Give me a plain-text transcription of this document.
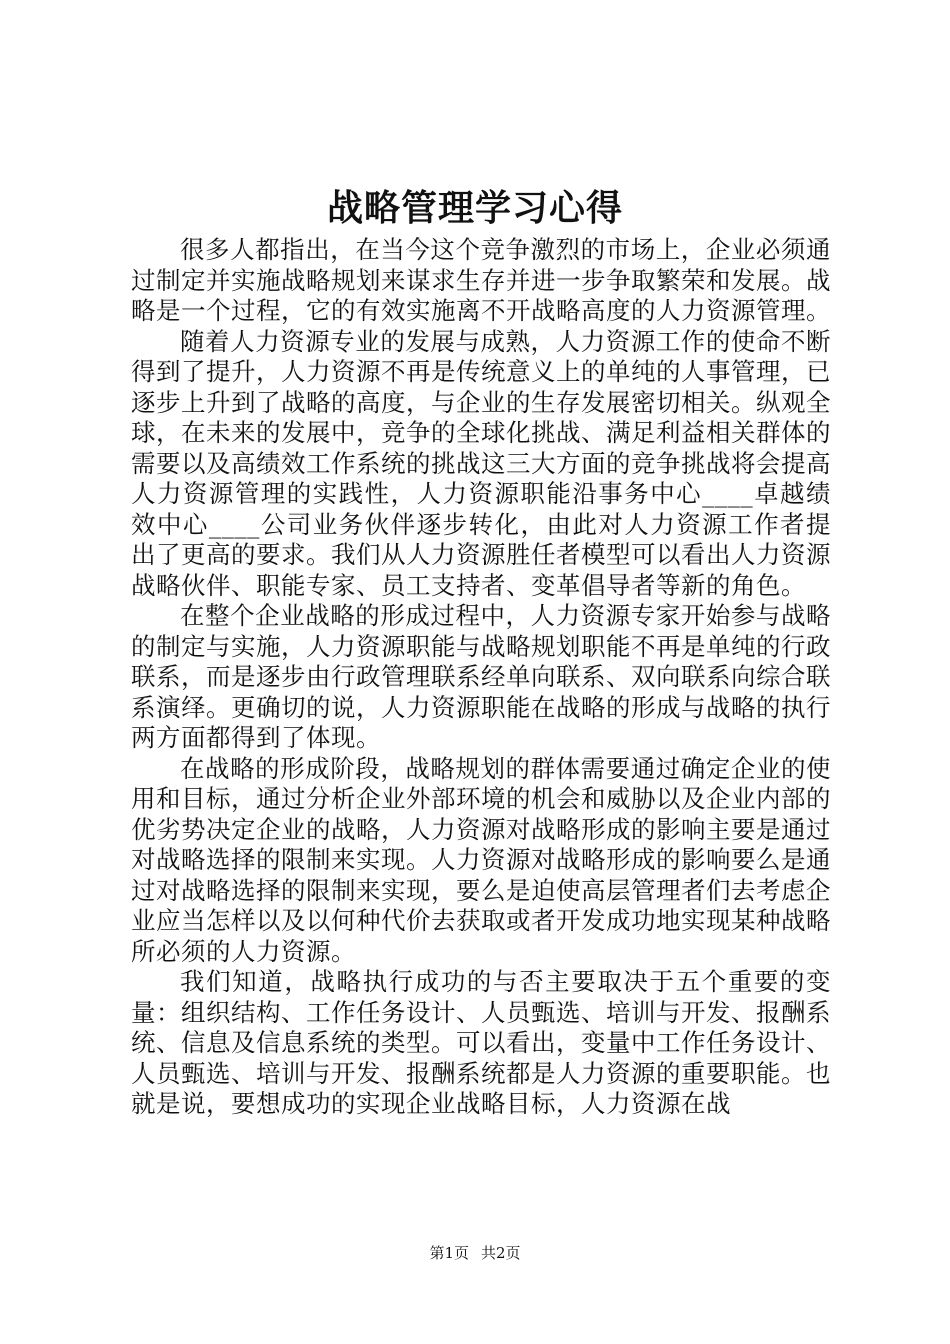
战略管理学习心得

很多人都指出，在当今这个竞争激烈的市场上，企业必须通过制定并实施战略规划来谋求生存并进一步争取繁荣和发展。战略是一个过程，它的有效实施离不开战略高度的人力资源管理。

随着人力资源专业的发展与成熟，人力资源工作的使命不断得到了提升，人力资源不再是传统意义上的单纯的人事管理，已逐步上升到了战略的高度，与企业的生存发展密切相关。纵观全球，在未来的发展中，竞争的全球化挑战、满足利益相关群体的需要以及高绩效工作系统的挑战这三大方面的竞争挑战将会提高人力资源管理的实践性，人力资源职能沿事务中心____卓越绩效中心____公司业务伙伴逐步转化，由此对人力资源工作者提出了更高的要求。我们从人力资源胜任者模型可以看出人力资源战略伙伴、职能专家、员工支持者、变革倡导者等新的角色。

在整个企业战略的形成过程中，人力资源专家开始参与战略的制定与实施，人力资源职能与战略规划职能不再是单纯的行政联系，而是逐步由行政管理联系经单向联系、双向联系向综合联系演绎。更确切的说，人力资源职能在战略的形成与战略的执行两方面都得到了体现。

在战略的形成阶段，战略规划的群体需要通过确定企业的使用和目标，通过分析企业外部环境的机会和威胁以及企业内部的优劣势决定企业的战略，人力资源对战略形成的影响主要是通过对战略选择的限制来实现。人力资源对战略形成的影响要么是通过对战略选择的限制来实现，要么是迫使高层管理者们去考虑企业应当怎样以及以何种代价去获取或者开发成功地实现某种战略所必须的人力资源。

我们知道，战略执行成功的与否主要取决于五个重要的变量：组织结构、工作任务设计、人员甄选、培训与开发、报酬系统、信息及信息系统的类型。可以看出，变量中工作任务设计、人员甄选、培训与开发、报酬系统都是人力资源的重要职能。也就是说，要想成功的实现企业战略目标，人力资源在战

第1页 共2页
